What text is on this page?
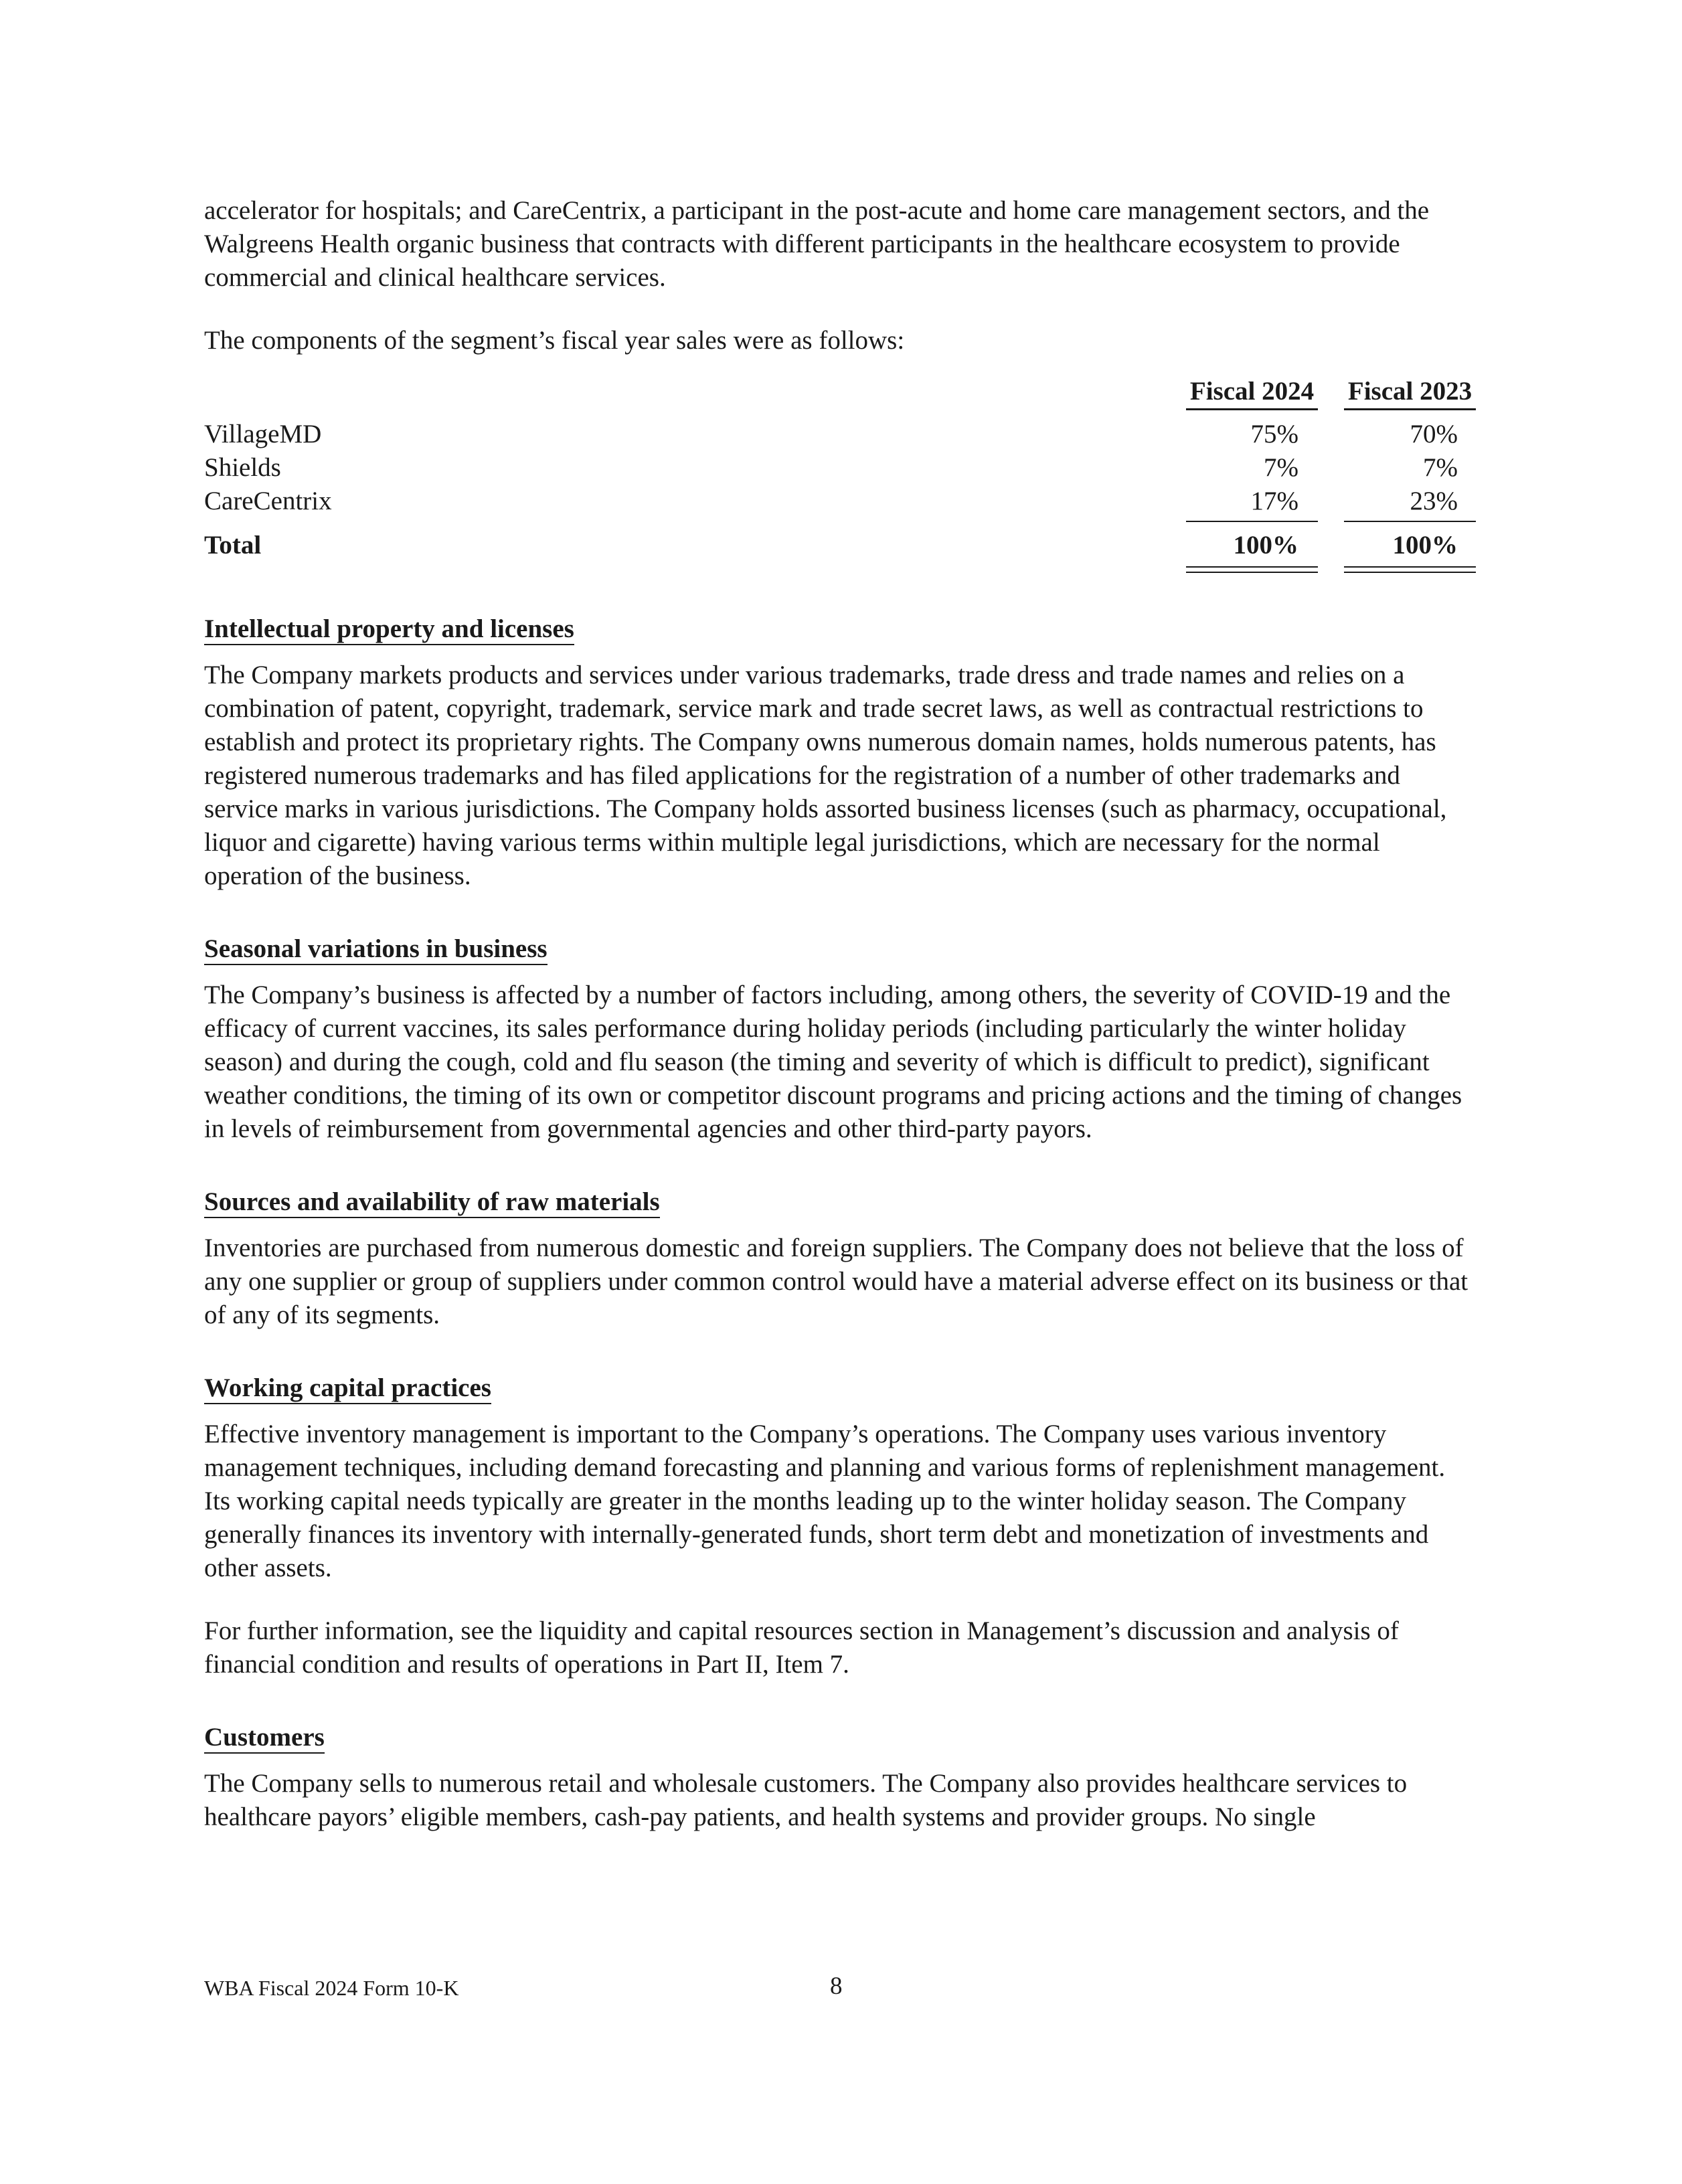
accelerator for hospitals; and CareCentrix, a participant in the post-acute and home care management sectors, and the Walgreens Health organic business that contracts with different participants in the healthcare ecosystem to provide commercial and clinical healthcare services.

The components of the segment’s fiscal year sales were as follows:

Fiscal 2024 Fiscal 2023
VillageMD	75%	70%
Shields	7%	7%
CareCentrix	17%	23%
Total	100%	100%
Intellectual property and licenses

The Company markets products and services under various trademarks, trade dress and trade names and relies on a combination of patent, copyright, trademark, service mark and trade secret laws, as well as contractual restrictions to establish and protect its proprietary rights. The Company owns numerous domain names, holds numerous patents, has registered numerous trademarks and has filed applications for the registration of a number of other trademarks and service marks in various jurisdictions. The Company holds assorted business licenses (such as pharmacy, occupational, liquor and cigarette) having various terms within multiple legal jurisdictions, which are necessary for the normal operation of the business.

Seasonal variations in business

The Company’s business is affected by a number of factors including, among others, the severity of COVID-19 and the efficacy of current vaccines, its sales performance during holiday periods (including particularly the winter holiday season) and during the cough, cold and flu season (the timing and severity of which is difficult to predict), significant weather conditions, the timing of its own or competitor discount programs and pricing actions and the timing of changes in levels of reimbursement from governmental agencies and other third-party payors.

Sources and availability of raw materials

Inventories are purchased from numerous domestic and foreign suppliers. The Company does not believe that the loss of any one supplier or group of suppliers under common control would have a material adverse effect on its business or that of any of its segments.

Working capital practices

Effective inventory management is important to the Company’s operations. The Company uses various inventory management techniques, including demand forecasting and planning and various forms of replenishment management. Its working capital needs typically are greater in the months leading up to the winter holiday season. The Company generally finances its inventory with internally-generated funds, short term debt and monetization of investments and other assets.

For further information, see the liquidity and capital resources section in Management’s discussion and analysis of financial condition and results of operations in Part II, Item 7.

Customers

The Company sells to numerous retail and wholesale customers. The Company also provides healthcare services to healthcare payors’ eligible members, cash-pay patients, and health systems and provider groups. No single

WBA Fiscal 2024 Form 10-K	8
